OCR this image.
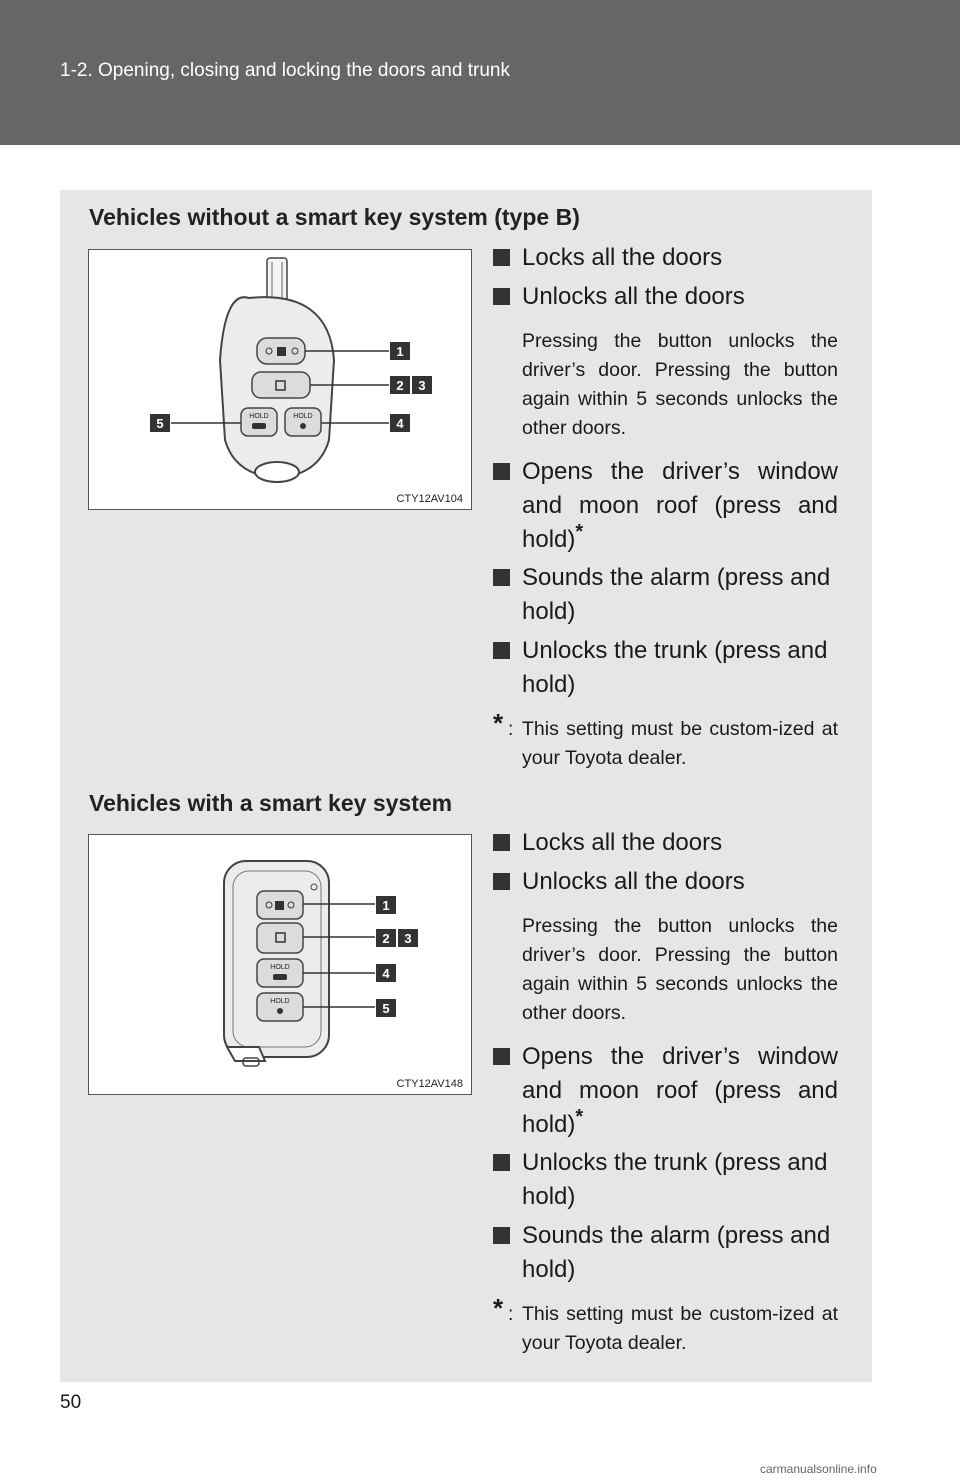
1-2. Opening, closing and locking the doors and trunk
Vehicles without a smart key system (type B)
HOLD	HOLD
1
2 3
4
5
CTY12AV104
Locks all the doors
Unlocks all the doors
Pressing the button unlocks the driver’s door. Pressing the button again within 5 seconds unlocks the other doors.
Opens the driver’s window and moon roof (press and hold)*
Sounds the alarm (press and hold)
Unlocks the trunk (press and hold)
* : This setting must be custom-ized at your Toyota dealer.
Vehicles with a smart key system
HOLD
HOLD
1
2 3
4
5
CTY12AV148
Locks all the doors
Unlocks all the doors
Pressing the button unlocks the driver’s door. Pressing the button again within 5 seconds unlocks the other doors.
Opens the driver’s window and moon roof (press and hold)*
Unlocks the trunk (press and hold)
Sounds the alarm (press and hold)
* : This setting must be custom-ized at your Toyota dealer.
50
carmanualsonline.info
